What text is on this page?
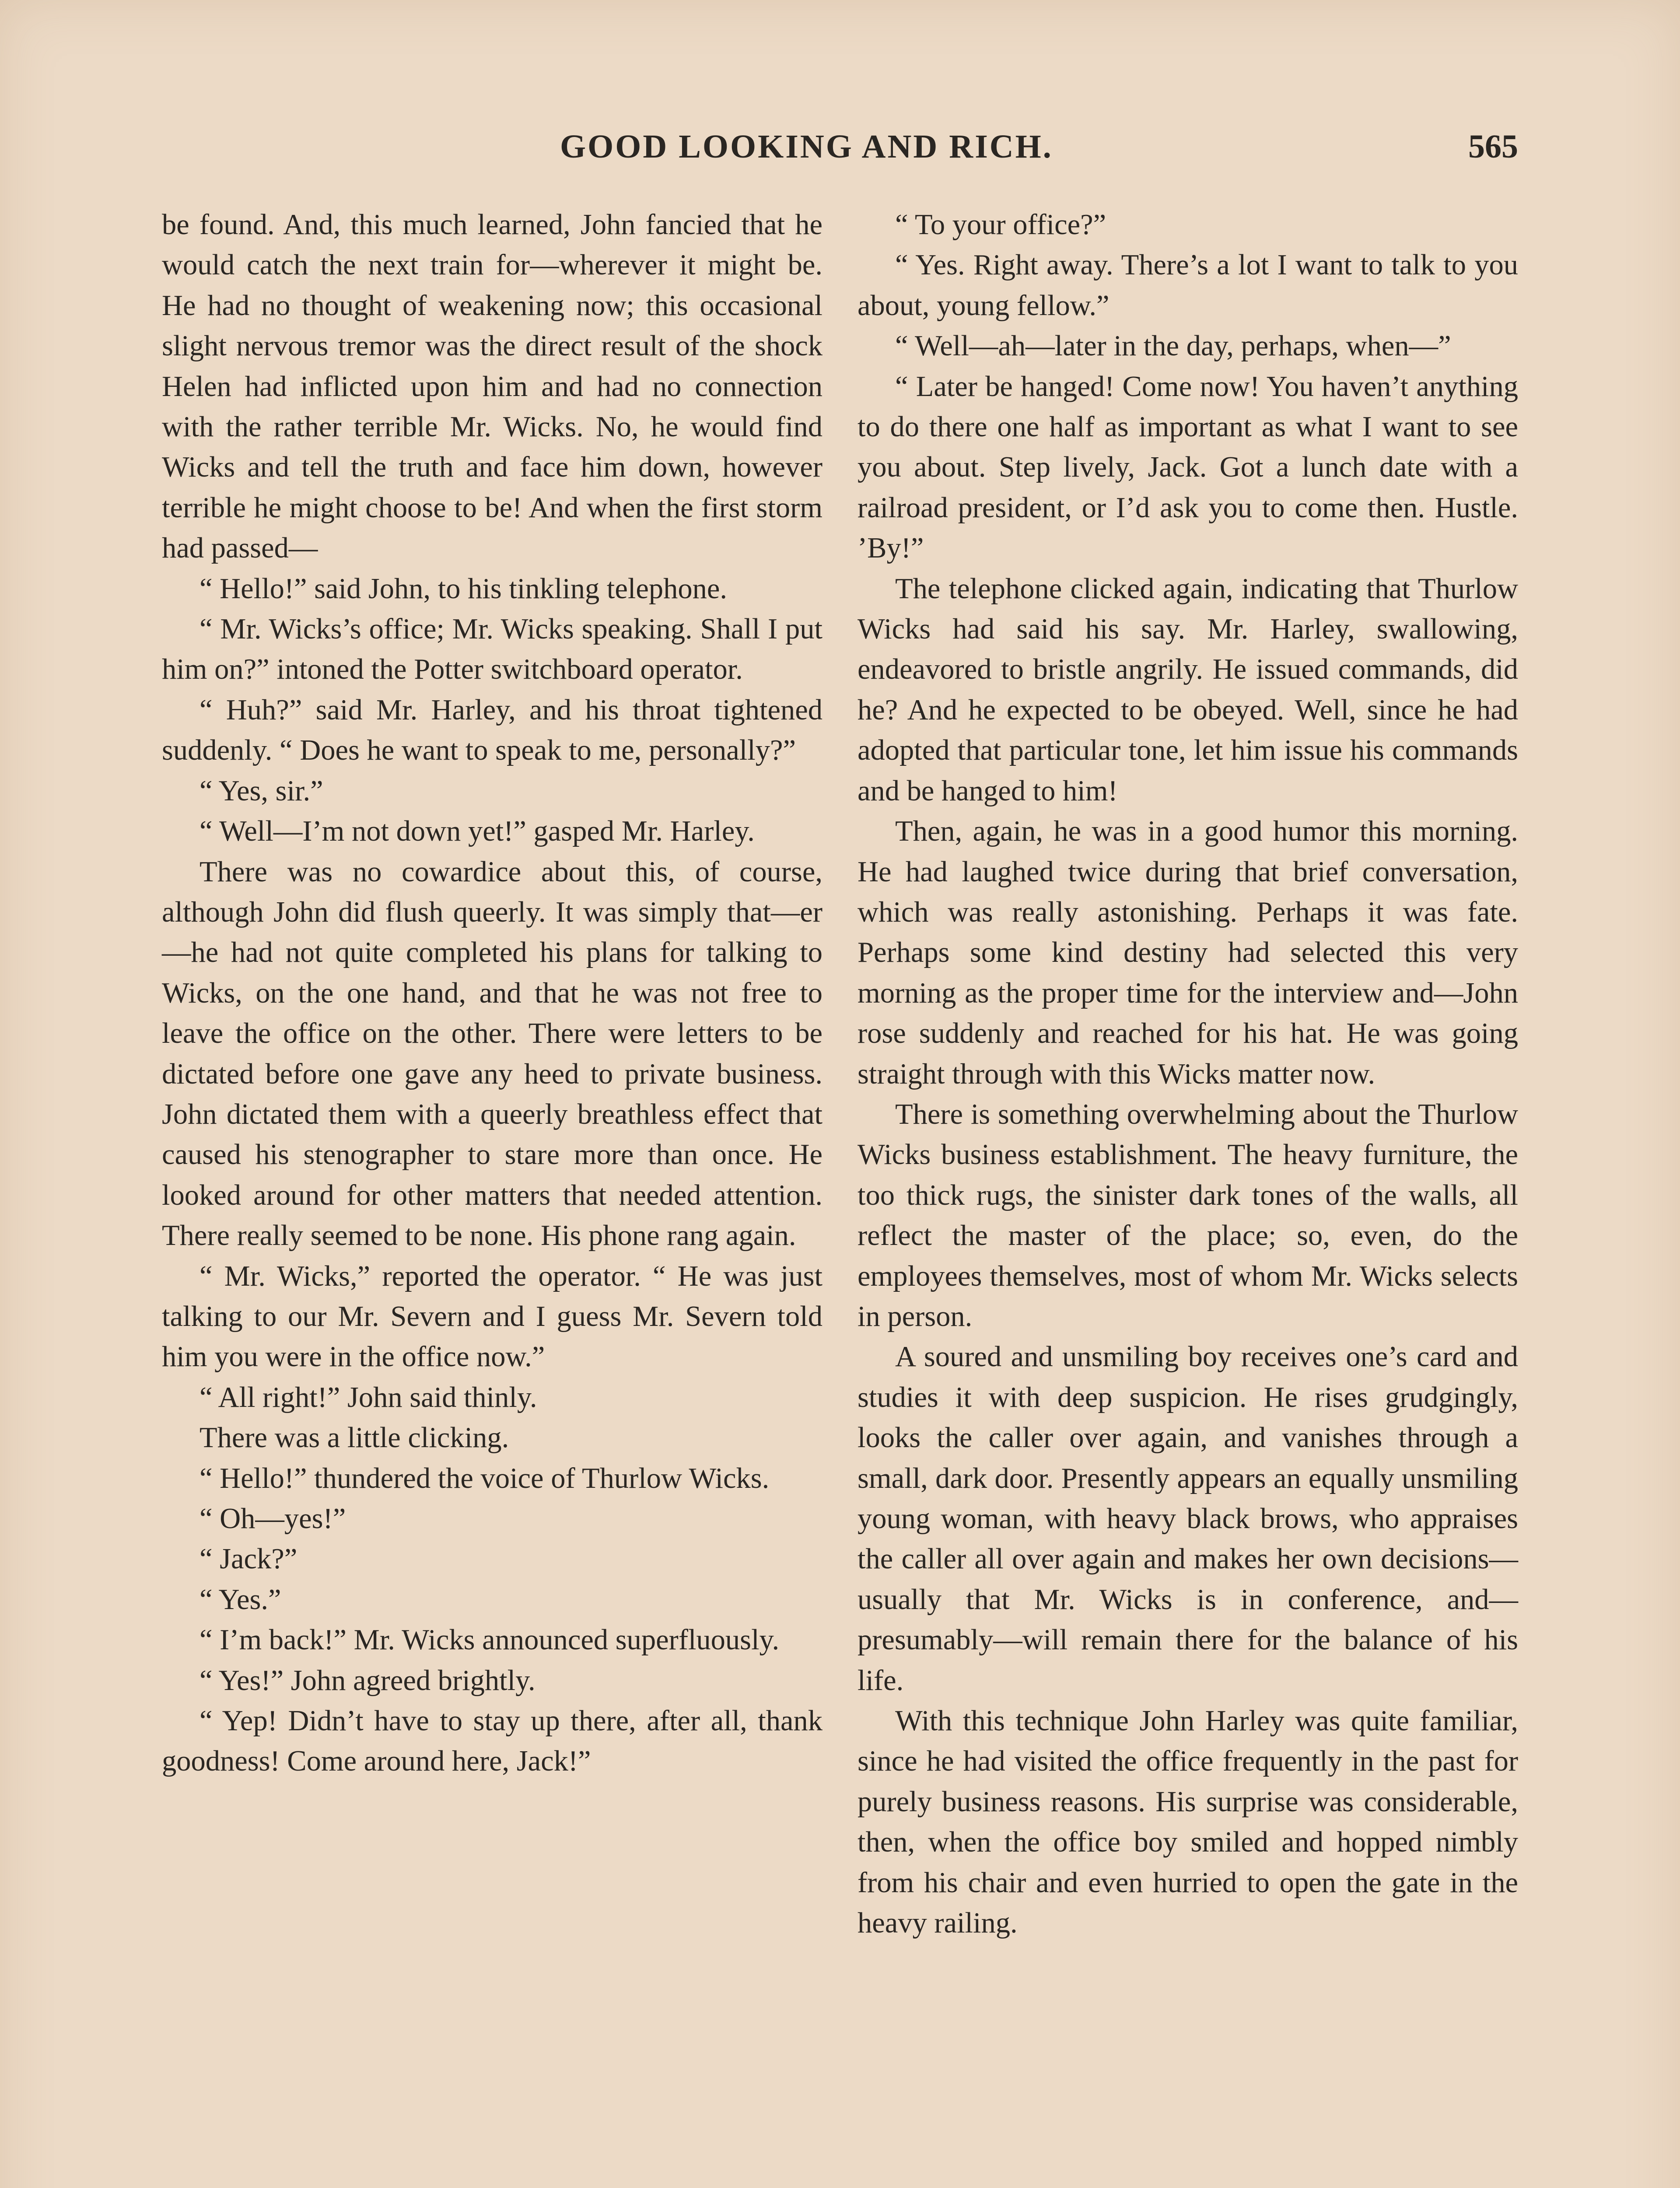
GOOD LOOKING AND RICH.	565

be found. And, this much learned, John fancied that he would catch the next train for—wherever it might be. He had no thought of weakening now; this occasional slight nervous tremor was the direct result of the shock Helen had inflicted upon him and had no connection with the rather terrible Mr. Wicks. No, he would find Wicks and tell the truth and face him down, however terrible he might choose to be! And when the first storm had passed—

“ Hello!” said John, to his tinkling telephone.

“ Mr. Wicks’s office; Mr. Wicks speaking. Shall I put him on?” intoned the Potter switchboard operator.

“ Huh?” said Mr. Harley, and his throat tightened suddenly. “ Does he want to speak to me, personally?”

“ Yes, sir.”

“ Well—I’m not down yet!” gasped Mr. Harley.

There was no cowardice about this, of course, although John did flush queerly. It was simply that—er—he had not quite completed his plans for talking to Wicks, on the one hand, and that he was not free to leave the office on the other. There were letters to be dictated before one gave any heed to private business. John dictated them with a queerly breathless effect that caused his stenographer to stare more than once. He looked around for other matters that needed attention. There really seemed to be none. His phone rang again.

“ Mr. Wicks,” reported the operator. “ He was just talking to our Mr. Severn and I guess Mr. Severn told him you were in the office now.”

“ All right!” John said thinly.

There was a little clicking.

“ Hello!” thundered the voice of Thurlow Wicks.

“ Oh—yes!”

“ Jack?”

“ Yes.”

“ I’m back!” Mr. Wicks announced superfluously.

“ Yes!” John agreed brightly.

“ Yep! Didn’t have to stay up there, after all, thank goodness! Come around here, Jack!”

“ To your office?”

“ Yes. Right away. There’s a lot I want to talk to you about, young fellow.”

“ Well—ah—later in the day, perhaps, when—”

“ Later be hanged! Come now! You haven’t anything to do there one half as important as what I want to see you about. Step lively, Jack. Got a lunch date with a railroad president, or I’d ask you to come then. Hustle. ’By!”

The telephone clicked again, indicating that Thurlow Wicks had said his say. Mr. Harley, swallowing, endeavored to bristle angrily. He issued commands, did he? And he expected to be obeyed. Well, since he had adopted that particular tone, let him issue his commands and be hanged to him!

Then, again, he was in a good humor this morning. He had laughed twice during that brief conversation, which was really astonishing. Perhaps it was fate. Perhaps some kind destiny had selected this very morning as the proper time for the interview and—John rose suddenly and reached for his hat. He was going straight through with this Wicks matter now.

There is something overwhelming about the Thurlow Wicks business establishment. The heavy furniture, the too thick rugs, the sinister dark tones of the walls, all reflect the master of the place; so, even, do the employees themselves, most of whom Mr. Wicks selects in person.

A soured and unsmiling boy receives one’s card and studies it with deep suspicion. He rises grudgingly, looks the caller over again, and vanishes through a small, dark door. Presently appears an equally unsmiling young woman, with heavy black brows, who appraises the caller all over again and makes her own decisions—usually that Mr. Wicks is in conference, and—presumably—will remain there for the balance of his life.

With this technique John Harley was quite familiar, since he had visited the office frequently in the past for purely business reasons. His surprise was considerable, then, when the office boy smiled and hopped nimbly from his chair and even hurried to open the gate in the heavy railing.
